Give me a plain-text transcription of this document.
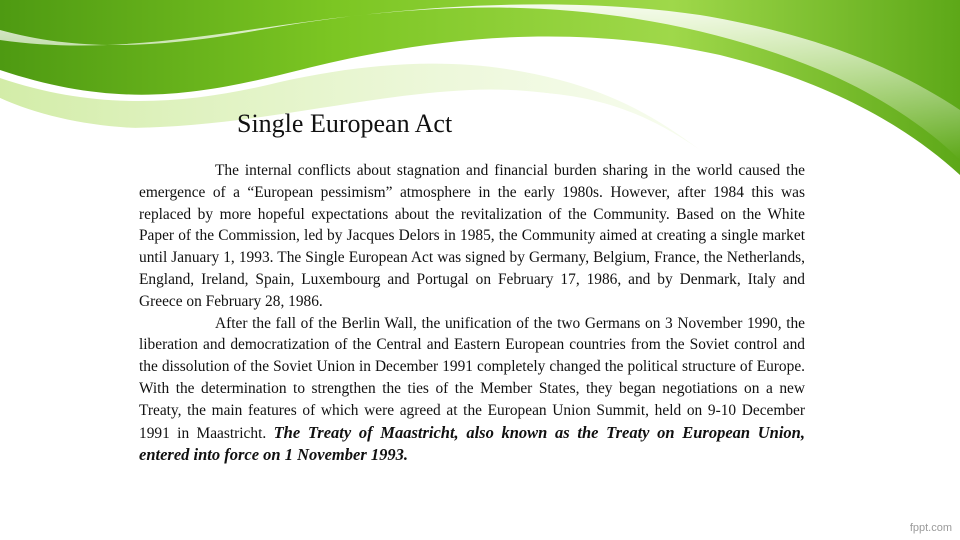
Single European Act

The internal conflicts about stagnation and financial burden sharing in the world caused the emergence of a “European pessimism” atmosphere in the early 1980s. However, after 1984 this was replaced by more hopeful expectations about the revitalization of the Community. Based on the White Paper of the Commission, led by Jacques Delors in 1985, the Community aimed at creating a single market until January 1, 1993. The Single European Act was signed by Germany, Belgium, France, the Netherlands, England, Ireland, Spain, Luxembourg and Portugal on February 17, 1986, and by Denmark, Italy and Greece on February 28, 1986.

After the fall of the Berlin Wall, the unification of the two Germans on 3 November 1990, the liberation and democratization of the Central and Eastern European countries from the Soviet control and the dissolution of the Soviet Union in December 1991 completely changed the political structure of Europe. With the determination to strengthen the ties of the Member States, they began negotiations on a new Treaty, the main features of which were agreed at the European Union Summit, held on 9-10 December 1991 in Maastricht. The Treaty of Maastricht, also known as the Treaty on European Union, entered into force on 1 November 1993.

fppt.com
